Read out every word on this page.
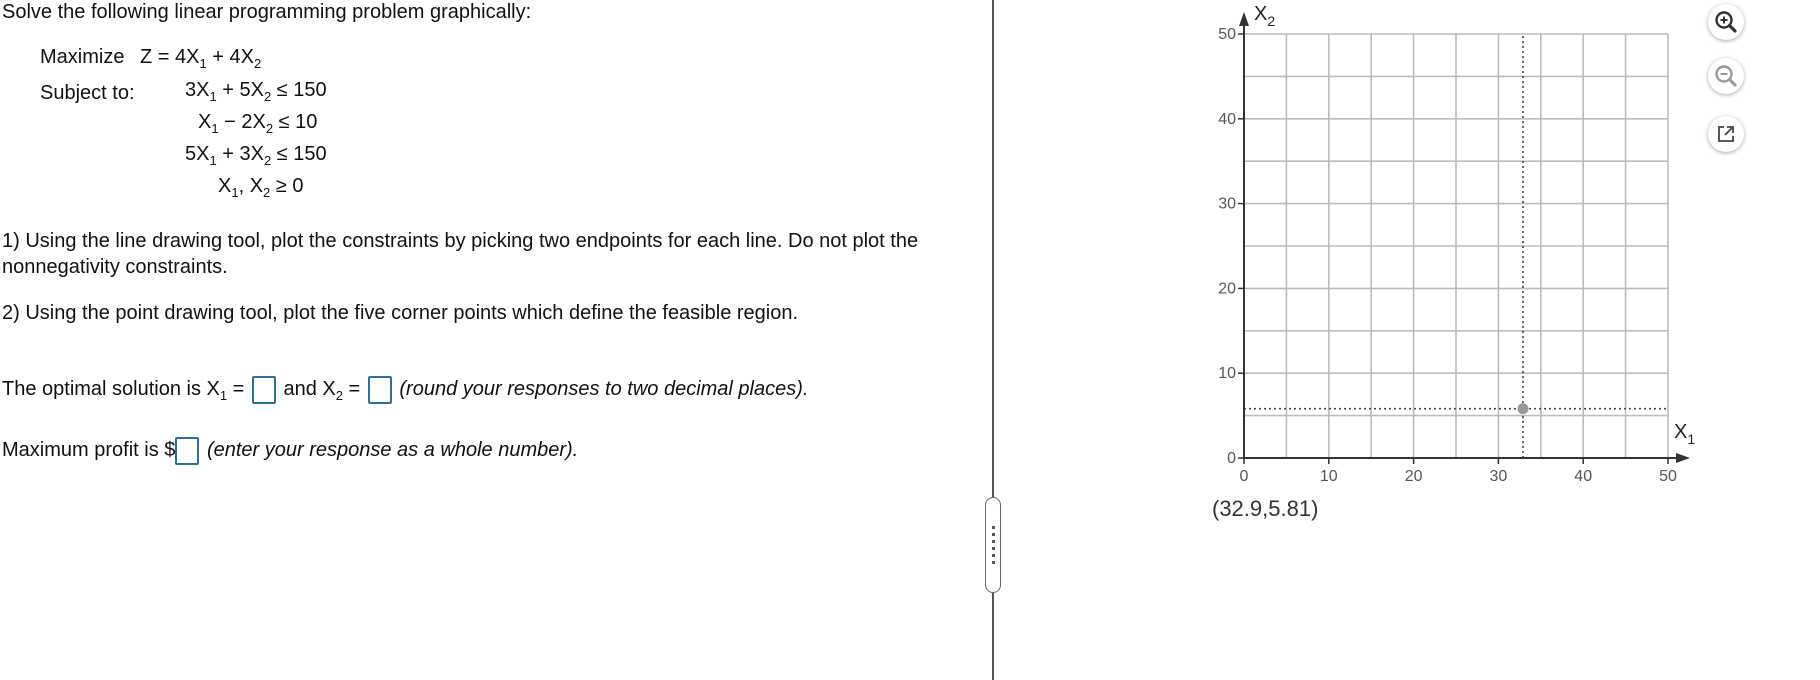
Solve the following linear programming problem graphically:
Maximize $Z = 4X_1 + 4X_2$
Subject to:	$3X_1 + 5X_2 \le 150$
$X_1 - 2X_2 \le 10$
$5X_1 + 3X_2 \le 150$
$X_1$, $X_2 \ge 0$
1) Using the line drawing tool, plot the constraints by picking two endpoints for each line. Do not plot the
nonnegativity constraints.
2) Using the point drawing tool, plot the five corner points which define the feasible region.
The optimal solution is $X_1$ = and $X_2$ = (round your responses to two decimal places).
Maximum profit is $ (enter your response as a whole number).
0	10	20	30	40	50
0
10
20
30
40
50
$X_1$
$X_2$
(32.9,5.81)
